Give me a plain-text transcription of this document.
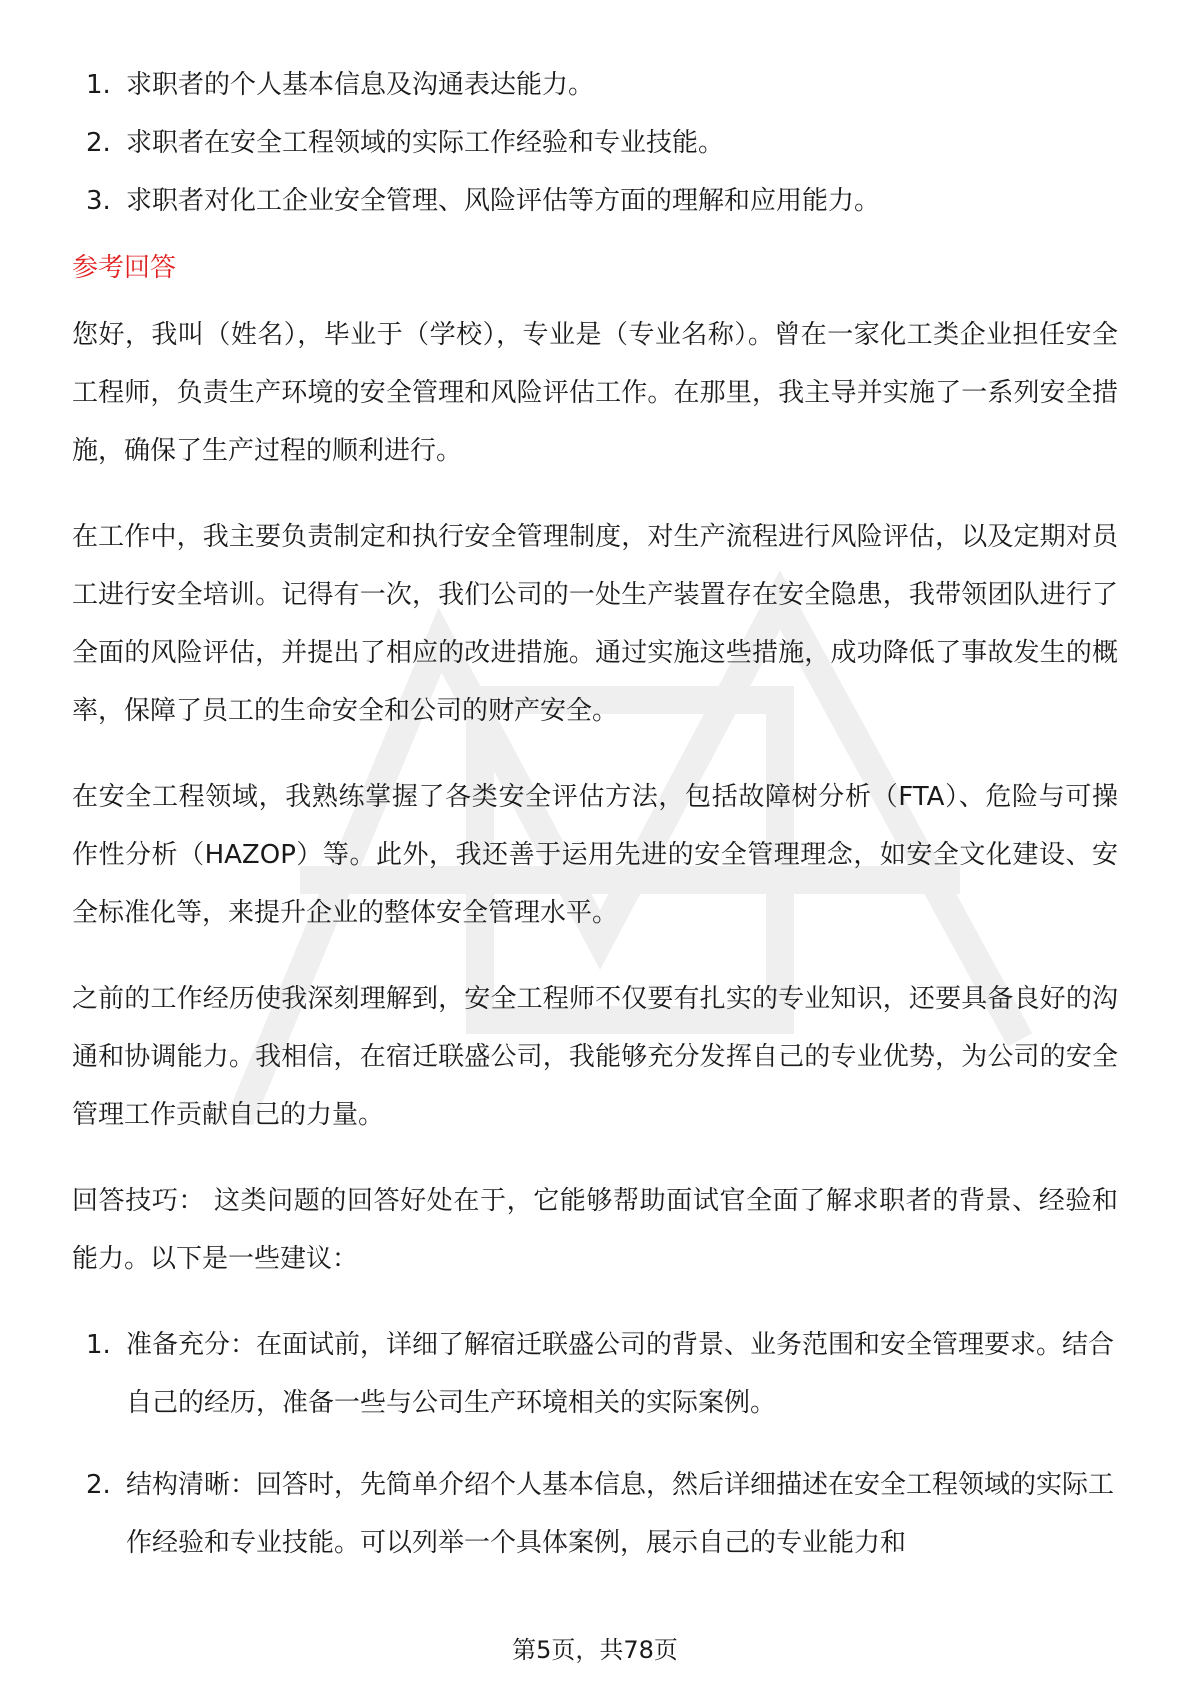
1. 求职者的个人基本信息及沟通表达能力。
2. 求职者在安全工程领域的实际工作经验和专业技能。
3. 求职者对化工企业安全管理、风险评估等方面的理解和应用能力。
参考回答

您好，我叫（姓名），毕业于（学校），专业是（专业名称）。曾在一家化工类企业担任安全工程师，负责生产环境的安全管理和风险评估工作。在那里，我主导并实施了一系列安全措施，确保了生产过程的顺利进行。

在工作中，我主要负责制定和执行安全管理制度，对生产流程进行风险评估，以及定期对员工进行安全培训。记得有一次，我们公司的一处生产装置存在安全隐患，我带领团队进行了全面的风险评估，并提出了相应的改进措施。通过实施这些措施，成功降低了事故发生的概率，保障了员工的生命安全和公司的财产安全。

在安全工程领域，我熟练掌握了各类安全评估方法，包括故障树分析（FTA）、危险与可操作性分析（HAZOP）等。此外，我还善于运用先进的安全管理理念，如安全文化建设、安全标准化等，来提升企业的整体安全管理水平。

之前的工作经历使我深刻理解到，安全工程师不仅要有扎实的专业知识，还要具备良好的沟通和协调能力。我相信，在宿迁联盛公司，我能够充分发挥自己的专业优势，为公司的安全管理工作贡献自己的力量。

回答技巧： 这类问题的回答好处在于，它能够帮助面试官全面了解求职者的背景、经验和能力。以下是一些建议：

1. 准备充分：在面试前，详细了解宿迁联盛公司的背景、业务范围和安全管理要求。结合自己的经历，准备一些与公司生产环境相关的实际案例。
2. 结构清晰：回答时，先简单介绍个人基本信息，然后详细描述在安全工程领域的实际工作经验和专业技能。可以列举一个具体案例，展示自己的专业能力和
第5页，共78页
